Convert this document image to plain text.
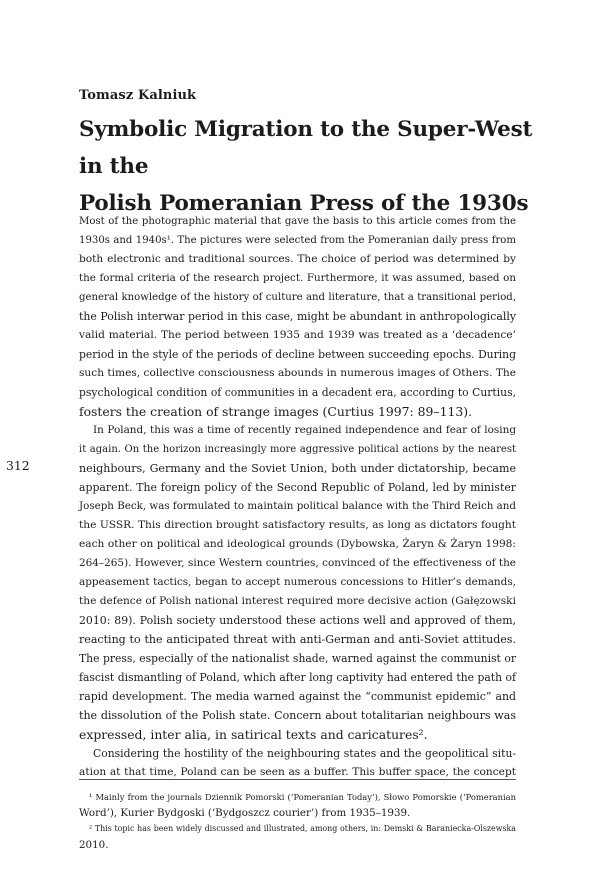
Tomasz Kalniuk
Symbolic Migration to the Super-West in the
Polish Pomeranian Press of the 1930s
312
Most of the photographic material that gave the basis to this article comes from the
1930s and 1940s¹. The pictures were selected from the Pomeranian daily press from
both electronic and traditional sources. The choice of period was determined by
the formal criteria of the research project. Furthermore, it was assumed, based on
general knowledge of the history of culture and literature, that a transitional period,
the Polish interwar period in this case, might be abundant in anthropologically
valid material. The period between 1935 and 1939 was treated as a ‘decadence’
period in the style of the periods of decline between succeeding epochs. During
such times, collective consciousness abounds in numerous images of Others. The
psychological condition of communities in a decadent era, according to Curtius,
fosters the creation of strange images (Curtius 1997: 89–113).
In Poland, this was a time of recently regained independence and fear of losing
it again. On the horizon increasingly more aggressive political actions by the nearest
neighbours, Germany and the Soviet Union, both under dictatorship, became
apparent. The foreign policy of the Second Republic of Poland, led by minister
Joseph Beck, was formulated to maintain political balance with the Third Reich and
the USSR. This direction brought satisfactory results, as long as dictators fought
each other on political and ideological grounds (Dybowska, Żaryn & Żaryn 1998:
264–265). However, since Western countries, convinced of the effectiveness of the
appeasement tactics, began to accept numerous concessions to Hitler’s demands,
the defence of Polish national interest required more decisive action (Gałęzowski
2010: 89). Polish society understood these actions well and approved of them,
reacting to the anticipated threat with anti-German and anti-Soviet attitudes.
The press, especially of the nationalist shade, warned against the communist or
fascist dismantling of Poland, which after long captivity had entered the path of
rapid development. The media warned against the “communist epidemic” and
the dissolution of the Polish state. Concern about totalitarian neighbours was
expressed, inter alia, in satirical texts and caricatures².
Considering the hostility of the neighbouring states and the geopolitical situ-
ation at that time, Poland can be seen as a buffer. This buffer space, the concept
¹ Mainly from the journals Dziennik Pomorski (‘Pomeranian Today’), Słowo Pomorskie (‘Pomeranian
Word’), Kurier Bydgoski (‘Bydgoszcz courier’) from 1935–1939.
² This topic has been widely discussed and illustrated, among others, in: Demski & Baraniecka-Olszewska
2010.
